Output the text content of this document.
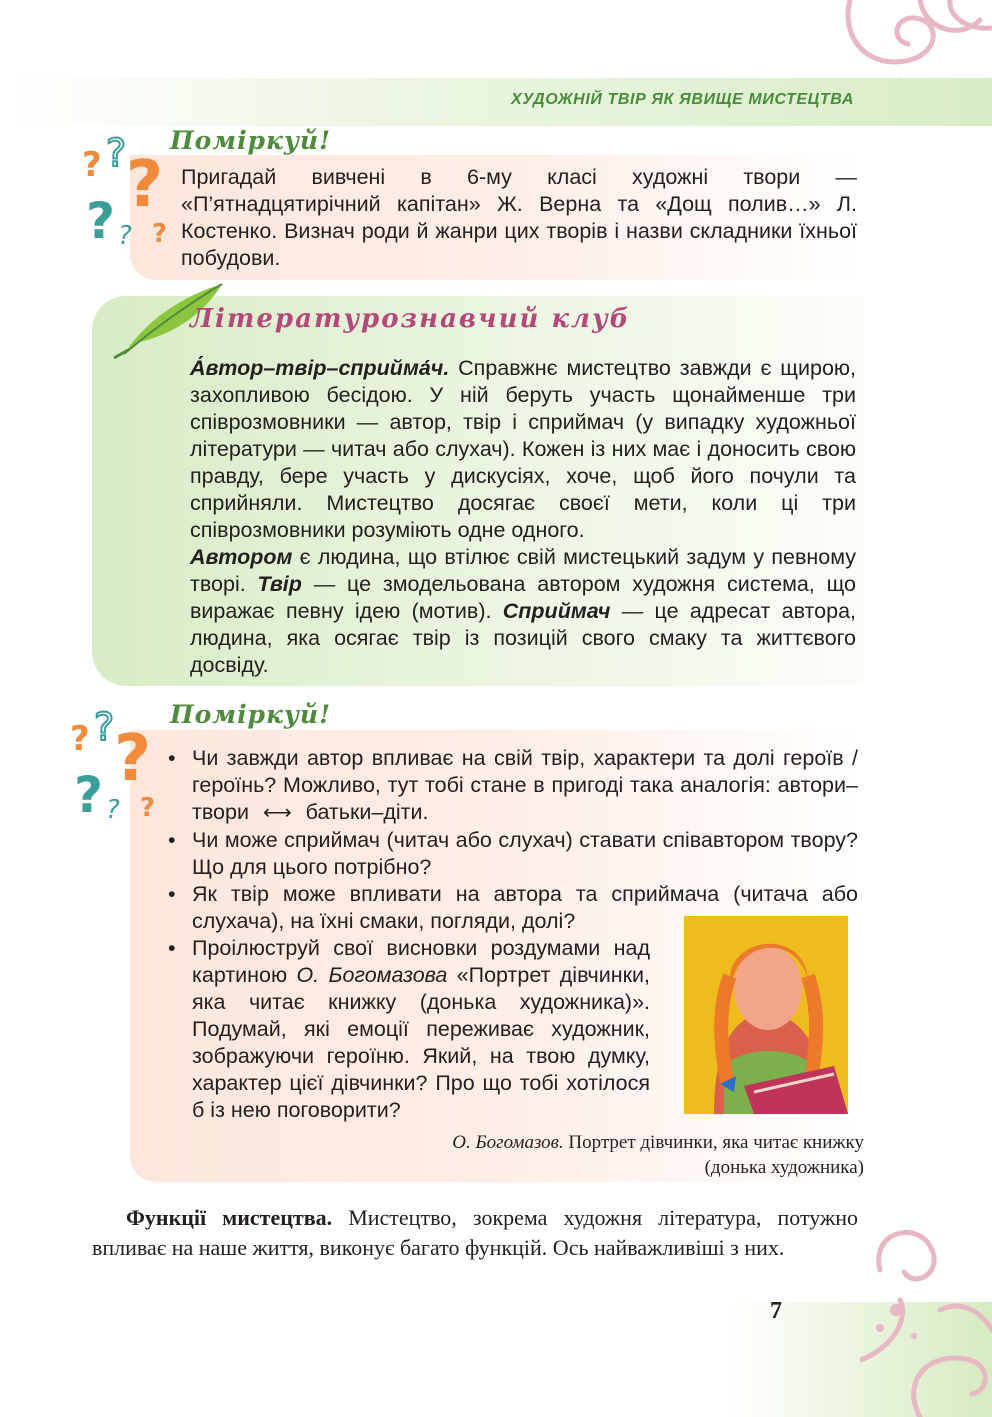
ХУДОЖНІЙ ТВІР ЯК ЯВИЩЕ МИСТЕЦТВА
? ? ?
? ? ?
Поміркуй!
Пригадай вивчені в 6-му класі художні твори — «П’ятнадцятирічний капітан» Ж. Верна та «Дощ полив…» Л. Костенко. Визнач роди й жанри цих творів і назви складники їхньої побудови.
Літературознавчий клуб

А́втор–твір–сприйма́ч. Справжнє мистецтво завжди є щирою, захопливою бесідою. У ній беруть участь щонайменше три співрозмовники — автор, твір і сприймач (у випадку художньої літератури — читач або слухач). Кожен із них має і доносить свою правду, бере участь у дискусіях, хоче, щоб його почули та сприйняли. Мистецтво досягає своєї мети, коли ці три співрозмовники розуміють одне одного.

Автором є людина, що втілює свій мистецький задум у певному творі. Твір — це змодельована автором художня система, що виражає певну ідею (мотив). Сприймач — це адресат автора, людина, яка осягає твір із позицій свого смаку та життєвого досвіду.

? ? ?
? ? ?
Поміркуй!
• Чи завжди автор впливає на свій твір, характери та долі героїв / героїнь? Можливо, тут тобі стане в пригоді така аналогія: автори–твори ⟷ батьки–діти.
• Чи може сприймач (читач або слухач) ставати співавтором твору? Що для цього потрібно?
• Як твір може впливати на автора та сприймача (читача або слухача), на їхні смаки, погляди, долі?
• Проілюструй свої висновки роздумами над картиною О. Богомазова «Портрет дівчинки, яка читає книжку (донька художника)». Подумай, які емоції переживає художник, зображуючи героїню. Який, на твою думку, характер цієї дівчинки? Про що тобі хотілося б із нею поговорити?
О. Богомазов. Портрет дівчинки, яка читає книжку (донька художника)
Функції мистецтва. Мистецтво, зокрема художня література, потужно впливає на наше життя, виконує багато функцій. Ось найважливіші з них.
7
